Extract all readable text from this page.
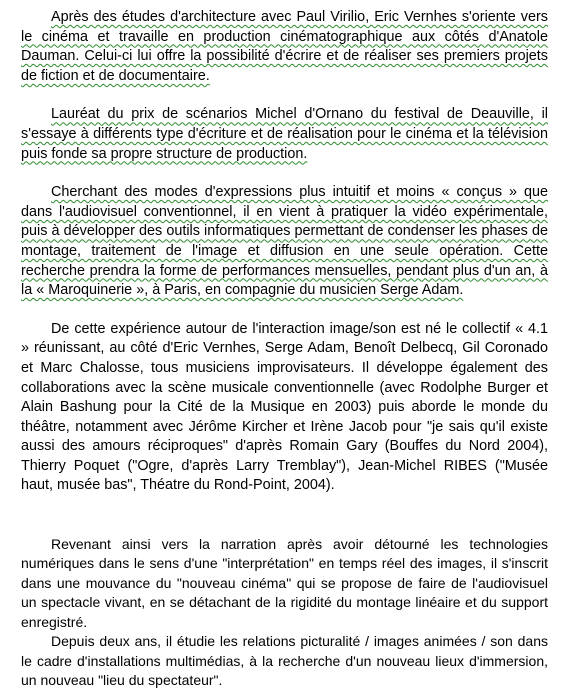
Après des études d'architecture avec Paul Virilio, Eric Vernhes s'oriente vers le cinéma et travaille en production cinématographique aux côtés d'Anatole Dauman. Celui-ci lui offre la possibilité d'écrire et de réaliser ses premiers projets de fiction et de documentaire.

Lauréat du prix de scénarios Michel d'Ornano du festival de Deauville, il s'essaye à différents type d'écriture et de réalisation pour le cinéma et la télévision puis fonde sa propre structure de production.

Cherchant des modes d'expressions plus intuitif et moins « conçus » que dans l'audiovisuel conventionnel, il en vient à pratiquer la vidéo expérimentale, puis à développer des outils informatiques permettant de condenser les phases de montage, traitement de l'image et diffusion en une seule opération. Cette recherche prendra la forme de performances mensuelles, pendant plus d'un an, à la « Maroquinerie », à Paris, en compagnie du musicien Serge Adam.

De cette expérience autour de l'interaction image/son est né le collectif « 4.1 » réunissant, au côté d'Eric Vernhes, Serge Adam, Benoît Delbecq, Gil Coronado et Marc Chalosse, tous musiciens improvisateurs. Il développe également des collaborations avec la scène musicale conventionnelle (avec Rodolphe Burger et Alain Bashung pour la Cité de la Musique en 2003) puis aborde le monde du théâtre, notamment avec Jérôme Kircher et Irène Jacob pour "je sais qu'il existe aussi des amours réciproques" d'après Romain Gary (Bouffes du Nord 2004), Thierry Poquet ("Ogre, d'après Larry Tremblay"), Jean-Michel RIBES ("Musée haut, musée bas", Théatre du Rond-Point, 2004).

Revenant ainsi vers la narration après avoir détourné les technologies numériques dans le sens d'une "interprétation" en temps réel des images, il s'inscrit dans une mouvance du "nouveau cinéma" qui se propose de faire de l'audiovisuel un spectacle vivant, en se détachant de la rigidité du montage linéaire et du support enregistré.

Depuis deux ans, il étudie les relations picturalité / images animées / son dans le cadre d'installations multimédias, à la recherche d'un nouveau lieux d'immersion, un nouveau "lieu du spectateur".
